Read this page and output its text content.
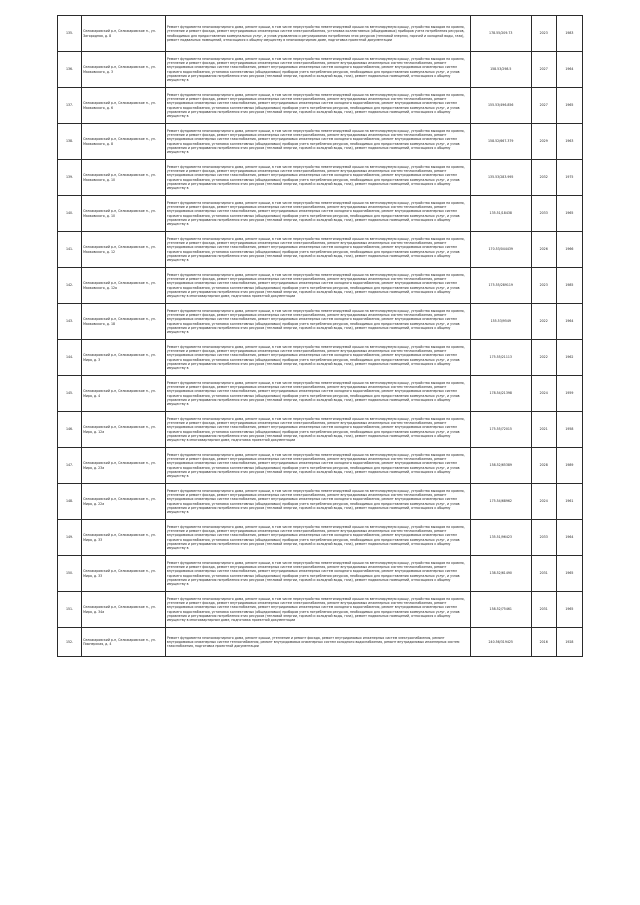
135.	Селижаровский р-н, Селижаровское п., ул. Загородная, д. 8	Ремонт фундамента многоквартирного дома, ремонт крыши, в том числе переустройство невентилируемой крыши на вентилируемую крышу, устройство выходов на кровлю, утепление и ремонт фасада, ремонт внутридомовых инженерных систем электроснабжения, установка коллективных (общедомовых) приборов учета потребления ресурсов, необходимых для предоставления коммунальных услуг, и узлов управления и регулирования потребления этих ресурсов (тепловой энергии, горячей и холодной воды, газа), ремонт подвальных помещений, относящихся к общему имуществу в многоквартирном доме, подготовка проектной документации	178.55/209.73	2023	1983
136.	Селижаровский р-н, Селижаровское п., ул. Маяковского, д. 3	Ремонт фундамента многоквартирного дома, ремонт крыши, в том числе переустройство невентилируемой крыши на вентилируемую крышу, устройство выходов на кровлю, утепление и ремонт фасада, ремонт внутридомовых инженерных систем электроснабжения, ремонт внутридомовых инженерных систем теплоснабжения, ремонт внутридомовых инженерных систем газоснабжения, ремонт внутридомовых инженерных систем холодного водоснабжения, ремонт внутридомовых инженерных систем горячего водоснабжения, установка коллективных (общедомовых) приборов учета потребления ресурсов, необходимых для предоставления коммунальных услуг, и узлов управления и регулирования потребления этих ресурсов (тепловой энергии, горячей и холодной воды, газа), ремонт подвальных помещений, относящихся к общему имуществу в	158.53/298.5	2027	1964
137.	Селижаровский р-н, Селижаровское п., ул. Маяковского, д. 6	Ремонт фундамента многоквартирного дома, ремонт крыши, в том числе переустройство невентилируемой крыши на вентилируемую крышу, устройство выходов на кровлю, утепление и ремонт фасада, ремонт внутридомовых инженерных систем электроснабжения, ремонт внутридомовых инженерных систем теплоснабжения, ремонт внутридомовых инженерных систем газоснабжения, ремонт внутридомовых инженерных систем холодного водоснабжения, ремонт внутридомовых инженерных систем горячего водоснабжения, установка коллективных (общедомовых) приборов учета потребления ресурсов, необходимых для предоставления коммунальных услуг, и узлов управления и регулирования потребления этих ресурсов (тепловой энергии, горячей и холодной воды, газа), ремонт подвальных помещений, относящихся к общему имуществу в	155.53/496.856	2027	1965
138.	Селижаровский р-н, Селижаровское п., ул. Маяковского, д. 8	Ремонт фундамента многоквартирного дома, ремонт крыши, в том числе переустройство невентилируемой крыши на вентилируемую крышу, устройство выходов на кровлю, утепление и ремонт фасада, ремонт внутридомовых инженерных систем электроснабжения, ремонт внутридомовых инженерных систем теплоснабжения, ремонт внутридомовых инженерных систем газоснабжения, ремонт внутридомовых инженерных систем холодного водоснабжения, ремонт внутридомовых инженерных систем горячего водоснабжения, установка коллективных (общедомовых) приборов учета потребления ресурсов, необходимых для предоставления коммунальных услуг, и узлов управления и регулирования потребления этих ресурсов (тепловой энергии, горячей и холодной воды, газа), ремонт подвальных помещений, относящихся к общему имуществу в	158.52/667.379	2029	1963
139.	Селижаровский р-н, Селижаровское п., ул. Маяковского, д. 10	Ремонт фундамента многоквартирного дома, ремонт крыши, в том числе переустройство невентилируемой крыши на вентилируемую крышу, устройство выходов на кровлю, утепление и ремонт фасада, ремонт внутридомовых инженерных систем электроснабжения, ремонт внутридомовых инженерных систем теплоснабжения, ремонт внутридомовых инженерных систем газоснабжения, ремонт внутридомовых инженерных систем холодного водоснабжения, ремонт внутридомовых инженерных систем горячего водоснабжения, установка коллективных (общедомовых) приборов учета потребления ресурсов, необходимых для предоставления коммунальных услуг, и узлов управления и регулирования потребления этих ресурсов (тепловой энергии, горячей и холодной воды, газа), ремонт подвальных помещений, относящихся к общему имуществу в	135.53/283.995	2032	1975
140.	Селижаровский р-н, Селижаровское п., ул. Маяковского, д. 10	Ремонт фундамента многоквартирного дома, ремонт крыши, в том числе переустройство невентилируемой крыши на вентилируемую крышу, устройство выходов на кровлю, утепление и ремонт фасада, ремонт внутридомовых инженерных систем электроснабжения, ремонт внутридомовых инженерных систем теплоснабжения, ремонт внутридомовых инженерных систем газоснабжения, ремонт внутридомовых инженерных систем холодного водоснабжения, ремонт внутридомовых инженерных систем горячего водоснабжения, установка коллективных (общедомовых) приборов учета потребления ресурсов, необходимых для предоставления коммунальных услуг, и узлов управления и регулирования потребления этих ресурсов (тепловой энергии, горячей и холодной воды, газа), ремонт подвальных помещений, относящихся к общему имуществу в	135.51/18438	2033	1965
141.	Селижаровский р-н, Селижаровское п., ул. Маяковского, д. 12	Ремонт фундамента многоквартирного дома, ремонт крыши, в том числе переустройство невентилируемой крыши на вентилируемую крышу, устройство выходов на кровлю, утепление и ремонт фасада, ремонт внутридомовых инженерных систем электроснабжения, ремонт внутридомовых инженерных систем теплоснабжения, ремонт внутридомовых инженерных систем газоснабжения, ремонт внутридомовых инженерных систем холодного водоснабжения, ремонт внутридомовых инженерных систем горячего водоснабжения, установка коллективных (общедомовых) приборов учета потребления ресурсов, необходимых для предоставления коммунальных услуг, и узлов управления и регулирования потребления этих ресурсов (тепловой энергии, горячей и холодной воды, газа), ремонт подвальных помещений, относящихся к общему имуществу в	170.53/044439	2026	1966
142.	Селижаровский р-н, Селижаровское п., ул. Маяковского, д. 12а	Ремонт фундамента многоквартирного дома, ремонт крыши, в том числе переустройство невентилируемой крыши на вентилируемую крышу, устройство выходов на кровлю, утепление и ремонт фасада, ремонт внутридомовых инженерных систем электроснабжения, ремонт внутридомовых инженерных систем теплоснабжения, ремонт внутридомовых инженерных систем газоснабжения, ремонт внутридомовых инженерных систем холодного водоснабжения, ремонт внутридомовых инженерных систем горячего водоснабжения, установка коллективных (общедомовых) приборов учета потребления ресурсов, необходимых для предоставления коммунальных услуг, и узлов управления и регулирования потребления этих ресурсов (тепловой энергии, горячей и холодной воды, газа), ремонт подвальных помещений, относящихся к общему имуществу в многоквартирном доме, подготовка проектной документации	175.55/289119	2023	1985
143.	Селижаровский р-н, Селижаровское п., ул. Маяковского, д. 18	Ремонт фундамента многоквартирного дома, ремонт крыши, в том числе переустройство невентилируемой крыши на вентилируемую крышу, устройство выходов на кровлю, утепление и ремонт фасада, ремонт внутридомовых инженерных систем электроснабжения, ремонт внутридомовых инженерных систем теплоснабжения, ремонт внутридомовых инженерных систем газоснабжения, ремонт внутридомовых инженерных систем холодного водоснабжения, ремонт внутридомовых инженерных систем горячего водоснабжения, установка коллективных (общедомовых) приборов учета потребления ресурсов, необходимых для предоставления коммунальных услуг, и узлов управления и регулирования потребления этих ресурсов (тепловой энергии, горячей и холодной воды, газа), ремонт подвальных помещений, относящихся к общему имуществу в	155.53/9549	2022	1964
144.	Селижаровский р-н, Селижаровское п., ул. Мира, д. 3	Ремонт фундамента многоквартирного дома, ремонт крыши, в том числе переустройство невентилируемой крыши на вентилируемую крышу, устройство выходов на кровлю, утепление и ремонт фасада, ремонт внутридомовых инженерных систем электроснабжения, ремонт внутридомовых инженерных систем теплоснабжения, ремонт внутридомовых инженерных систем газоснабжения, ремонт внутридомовых инженерных систем холодного водоснабжения, ремонт внутридомовых инженерных систем горячего водоснабжения, установка коллективных (общедомовых) приборов учета потребления ресурсов, необходимых для предоставления коммунальных услуг, и узлов управления и регулирования потребления этих ресурсов (тепловой энергии, горячей и холодной воды, газа), ремонт подвальных помещений, относящихся к общему имуществу в	175.55/21113	2022	1962
145.	Селижаровский р-н, Селижаровское п., ул. Мира, д. 4	Ремонт фундамента многоквартирного дома, ремонт крыши, в том числе переустройство невентилируемой крыши на вентилируемую крышу, устройство выходов на кровлю, утепление и ремонт фасада, ремонт внутридомовых инженерных систем электроснабжения, ремонт внутридомовых инженерных систем теплоснабжения, ремонт внутридомовых инженерных систем газоснабжения, ремонт внутридомовых инженерных систем холодного водоснабжения, ремонт внутридомовых инженерных систем горячего водоснабжения, установка коллективных (общедомовых) приборов учета потребления ресурсов, необходимых для предоставления коммунальных услуг, и узлов управления и регулирования потребления этих ресурсов (тепловой энергии, горячей и холодной воды, газа), ремонт подвальных помещений, относящихся к общему имуществу в	178.54/21398	2024	1959
146.	Селижаровский р-н, Селижаровское п., ул. Мира, д. 12а	Ремонт фундамента многоквартирного дома, ремонт крыши, в том числе переустройство невентилируемой крыши на вентилируемую крышу, устройство выходов на кровлю, утепление и ремонт фасада, ремонт внутридомовых инженерных систем электроснабжения, ремонт внутридомовых инженерных систем теплоснабжения, ремонт внутридомовых инженерных систем газоснабжения, ремонт внутридомовых инженерных систем холодного водоснабжения, ремонт внутридомовых инженерных систем горячего водоснабжения, установка коллективных (общедомовых) приборов учета потребления ресурсов, необходимых для предоставления коммунальных услуг, и узлов управления и регулирования потребления этих ресурсов (тепловой энергии, горячей и холодной воды, газа), ремонт подвальных помещений, относящихся к общему имуществу в многоквартирном доме, подготовка проектной документации	175.55/72015	2021	1958
147.	Селижаровский р-н, Селижаровское п., ул. Мира, д. 23а	Ремонт фундамента многоквартирного дома, ремонт крыши, в том числе переустройство невентилируемой крыши на вентилируемую крышу, устройство выходов на кровлю, утепление и ремонт фасада, ремонт внутридомовых инженерных систем электроснабжения, ремонт внутридомовых инженерных систем теплоснабжения, ремонт внутридомовых инженерных систем газоснабжения, ремонт внутридомовых инженерных систем холодного водоснабжения, ремонт внутридомовых инженерных систем горячего водоснабжения, установка коллективных (общедомовых) приборов учета потребления ресурсов, необходимых для предоставления коммунальных услуг, и узлов управления и регулирования потребления этих ресурсов (тепловой энергии, горячей и холодной воды, газа), ремонт подвальных помещений, относящихся к общему имуществу в	158.52/65389	2028	1989
148.	Селижаровский р-н, Селижаровское п., ул. Мира, д. 22а	Ремонт фундамента многоквартирного дома, ремонт крыши, в том числе переустройство невентилируемой крыши на вентилируемую крышу, устройство выходов на кровлю, утепление и ремонт фасада, ремонт внутридомовых инженерных систем электроснабжения, ремонт внутридомовых инженерных систем теплоснабжения, ремонт внутридомовых инженерных систем газоснабжения, ремонт внутридомовых инженерных систем холодного водоснабжения, ремонт внутридомовых инженерных систем горячего водоснабжения, установка коллективных (общедомовых) приборов учета потребления ресурсов, необходимых для предоставления коммунальных услуг, и узлов управления и регулирования потребления этих ресурсов (тепловой энергии, горячей и холодной воды, газа), ремонт подвальных помещений, относящихся к общему имуществу в	175.54/68962	2024	1961
149.	Селижаровский р-н, Селижаровское п., ул. Мира, д. 33	Ремонт фундамента многоквартирного дома, ремонт крыши, в том числе переустройство невентилируемой крыши на вентилируемую крышу, устройство выходов на кровлю, утепление и ремонт фасада, ремонт внутридомовых инженерных систем электроснабжения, ремонт внутридомовых инженерных систем теплоснабжения, ремонт внутридомовых инженерных систем газоснабжения, ремонт внутридомовых инженерных систем холодного водоснабжения, ремонт внутридомовых инженерных систем горячего водоснабжения, установка коллективных (общедомовых) приборов учета потребления ресурсов, необходимых для предоставления коммунальных услуг, и узлов управления и регулирования потребления этих ресурсов (тепловой энергии, горячей и холодной воды, газа), ремонт подвальных помещений, относящихся к общему имуществу в	135.51/96423	2033	1964
150.	Селижаровский р-н, Селижаровское п., ул. Мира, д. 33	Ремонт фундамента многоквартирного дома, ремонт крыши, в том числе переустройство невентилируемой крыши на вентилируемую крышу, устройство выходов на кровлю, утепление и ремонт фасада, ремонт внутридомовых инженерных систем электроснабжения, ремонт внутридомовых инженерных систем теплоснабжения, ремонт внутридомовых инженерных систем газоснабжения, ремонт внутридомовых инженерных систем холодного водоснабжения, ремонт внутридомовых инженерных систем горячего водоснабжения, установка коллективных (общедомовых) приборов учета потребления ресурсов, необходимых для предоставления коммунальных услуг, и узлов управления и регулирования потребления этих ресурсов (тепловой энергии, горячей и холодной воды, газа), ремонт подвальных помещений, относящихся к общему имуществу в	138.52/61490	2031	1965
151.	Селижаровский р-н, Селижаровское п., ул. Мира, д. 34а	Ремонт фундамента многоквартирного дома, ремонт крыши, в том числе переустройство невентилируемой крыши на вентилируемую крышу, устройство выходов на кровлю, утепление и ремонт фасада, ремонт внутридомовых инженерных систем электроснабжения, ремонт внутридомовых инженерных систем теплоснабжения, ремонт внутридомовых инженерных систем газоснабжения, ремонт внутридомовых инженерных систем холодного водоснабжения, ремонт внутридомовых инженерных систем горячего водоснабжения, установка коллективных (общедомовых) приборов учета потребления ресурсов, необходимых для предоставления коммунальных услуг, и узлов управления и регулирования потребления этих ресурсов (тепловой энергии, горячей и холодной воды, газа), ремонт подвальных помещений, относящихся к общему имуществу в многоквартирном доме, подготовка проектной документации	158.52/75461	2031	1965
152.	Селижаровский р-н, Селижаровское п., ул. Пионерская, д. 4	Ремонт фундамента многоквартирного дома, ремонт крыши, утепление и ремонт фасада, ремонт внутридомовых инженерных систем электроснабжения, ремонт внутридомовых инженерных систем теплоснабжения, ремонт внутридомовых инженерных систем холодного водоснабжения, ремонт внутридомовых инженерных систем газоснабжения, подготовка проектной документации	240.56/319425	2016	1928
